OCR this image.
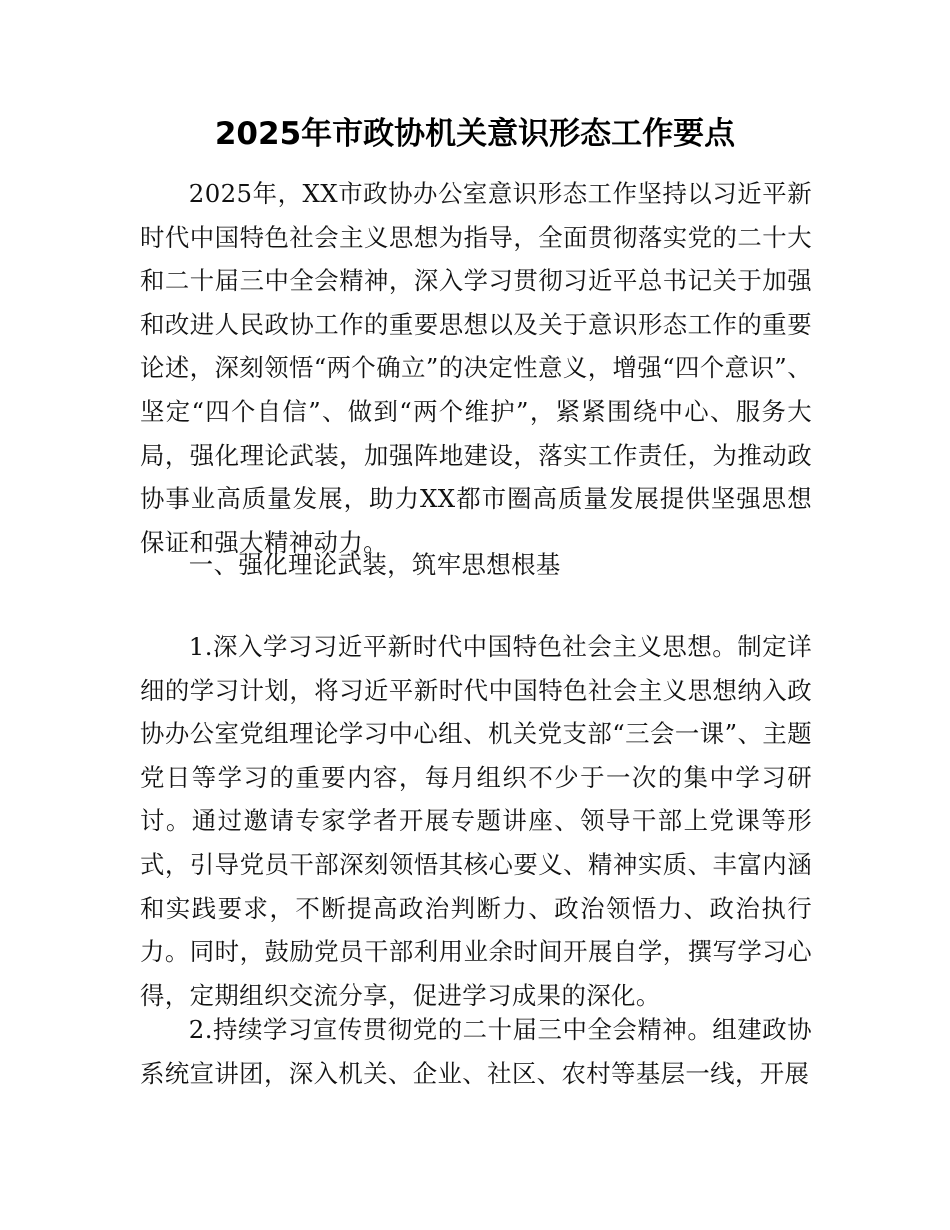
2025年市政协机关意识形态工作要点

2025年，XX市政协办公室意识形态工作坚持以习近平新时代中国特色社会主义思想为指导，全面贯彻落实党的二十大和二十届三中全会精神，深入学习贯彻习近平总书记关于加强和改进人民政协工作的重要思想以及关于意识形态工作的重要论述，深刻领悟“两个确立”的决定性意义，增强“四个意识”、坚定“四个自信”、做到“两个维护”，紧紧围绕中心、服务大局，强化理论武装，加强阵地建设，落实工作责任，为推动政协事业高质量发展，助力XX都市圈高质量发展提供坚强思想保证和强大精神动力。

一、强化理论武装，筑牢思想根基

1.深入学习习近平新时代中国特色社会主义思想。制定详细的学习计划，将习近平新时代中国特色社会主义思想纳入政协办公室党组理论学习中心组、机关党支部“三会一课”、主题党日等学习的重要内容，每月组织不少于一次的集中学习研讨。通过邀请专家学者开展专题讲座、领导干部上党课等形式，引导党员干部深刻领悟其核心要义、精神实质、丰富内涵和实践要求，不断提高政治判断力、政治领悟力、政治执行力。同时，鼓励党员干部利用业余时间开展自学，撰写学习心得，定期组织交流分享，促进学习成果的深化。

2.持续学习宣传贯彻党的二十届三中全会精神。组建政协系统宣讲团，深入机关、企业、社区、农村等基层一线，开展
